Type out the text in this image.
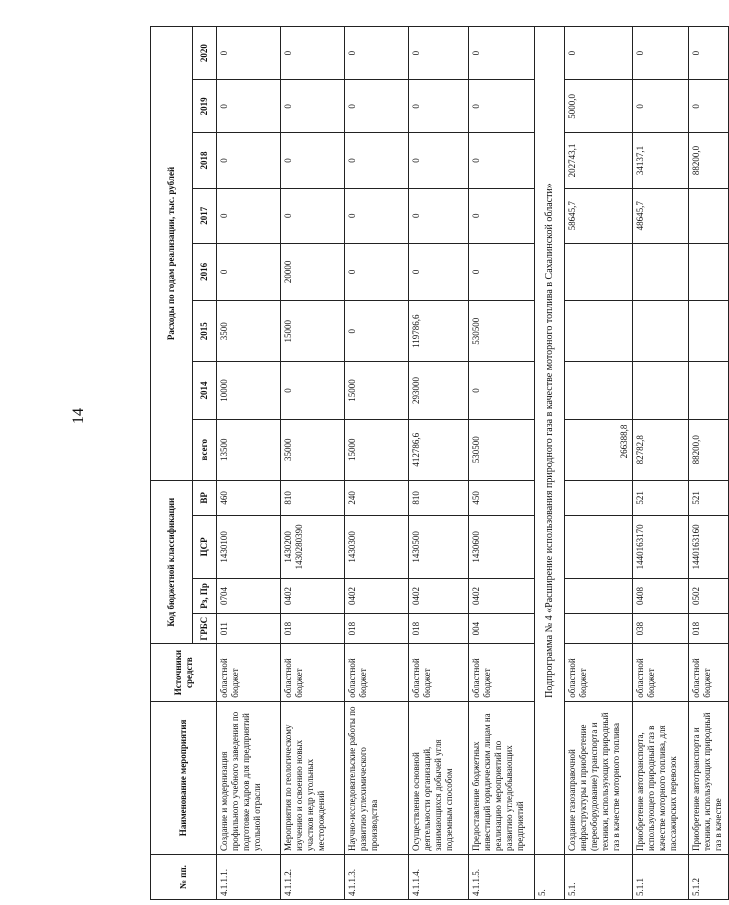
14
№ пп.	Наименование мероприятия	Источники средств	Код бюджетной классификации				Расходы по годам реализации, тыс. рублей							
			ГРБС	Рз, Пр	ЦСР	ВР	всего	2014	2015	2016	2017	2018	2019	2020
4.1.1.1.	Создание и модернизация профильного учебного заведения по подготовке кадров для предприятий угольной отрасли	областной бюджет	011	0704	1430100	460	13500	10000	3500	0	0	0	0	0
4.1.1.2.	Мероприятия по геологическому изучению и освоению новых участков недр угольных месторождений	областной бюджет	018	0402	1430200 1430280390	810	35000	0	15000	20000	0	0	0	0
4.1.1.3.	Научно-исследовательские работы по развитию углехимического производства	областной бюджет	018	0402	1430300	240	15000	15000	0	0	0	0	0	0
4.1.1.4.	Осуществление основной деятельности организаций, занимающихся добычей угля подземным способом	областной бюджет	018	0402	1430500	810	412786,6	293000	119786,6	0	0	0	0	0
4.1.1.5.	Предоставление бюджетных инвестиций юридическим лицам на реализацию мероприятий по развитию угледобывающих предприятий	областной бюджет	004	0402	1430600	450	530500	0	530500	0	0	0	0	0
5.	Подпрограмма № 4 «Расширение использования природного газа в качестве моторного топлива в Сахалинской области»													
5.1.	Создание газозаправочной инфраструктуры и приобретение (переоборудование) транспорта и техники, использующих природный газ в качестве моторного топлива	областной бюджет					266388,8				58645,7	202743,1	5000,0	0
5.1.1	Приобретение автотранспорта, использующего природный газ в качестве моторного топлива, для пассажирских перевозок	областной бюджет	038	0408	1440163170	521	82782,8				48645,7	34137,1	0	0
5.1.2	Приобретение автотранспорта и техники, использующих природный газ в качестве	областной бюджет	018	0502	1440163160	521	88200,0					88200,0	0	0
